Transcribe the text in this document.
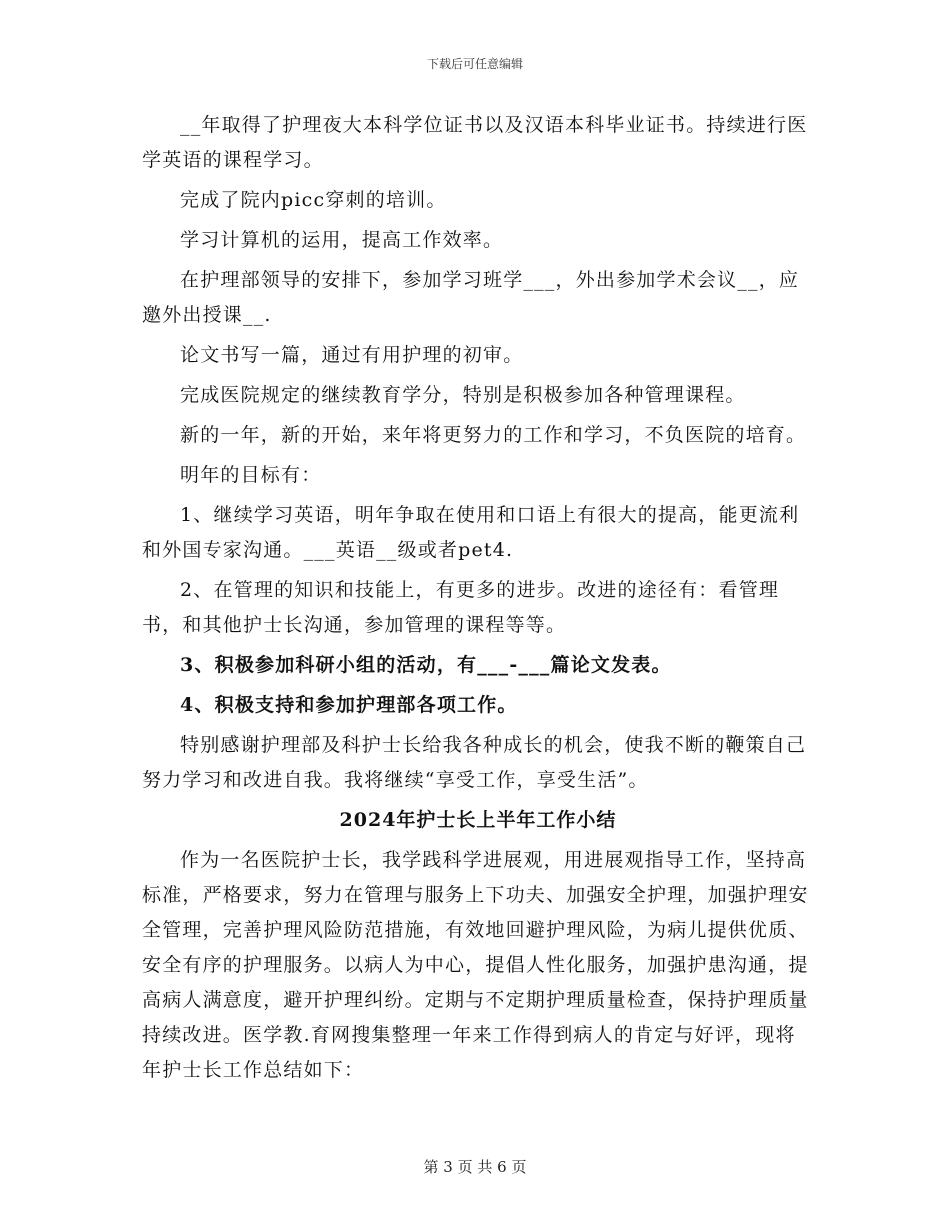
下载后可任意编辑

__年取得了护理夜大本科学位证书以及汉语本科毕业证书。持续进行医学英语的课程学习。

完成了院内picc穿刺的培训。

学习计算机的运用，提高工作效率。

在护理部领导的安排下，参加学习班学___，外出参加学术会议__，应邀外出授课__.

论文书写一篇，通过有用护理的初审。

完成医院规定的继续教育学分，特别是积极参加各种管理课程。

新的一年，新的开始，来年将更努力的工作和学习，不负医院的培育。

明年的目标有：

1、继续学习英语，明年争取在使用和口语上有很大的提高，能更流利和外国专家沟通。___英语__级或者pet4.

2、在管理的知识和技能上，有更多的进步。改进的途径有：看管理书，和其他护士长沟通，参加管理的课程等等。

3、积极参加科研小组的活动，有___-___篇论文发表。

4、积极支持和参加护理部各项工作。

特别感谢护理部及科护士长给我各种成长的机会，使我不断的鞭策自己努力学习和改进自我。我将继续“享受工作，享受生活”。

2024年护士长上半年工作小结

作为一名医院护士长，我学践科学进展观，用进展观指导工作，坚持高标准，严格要求，努力在管理与服务上下功夫、加强安全护理，加强护理安全管理，完善护理风险防范措施，有效地回避护理风险，为病儿提供优质、安全有序的护理服务。以病人为中心，提倡人性化服务，加强护患沟通，提高病人满意度，避开护理纠纷。定期与不定期护理质量检查，保持护理质量持续改进。医学教.育网搜集整理一年来工作得到病人的肯定与好评，现将年护士长工作总结如下：

第 3 页 共 6 页
